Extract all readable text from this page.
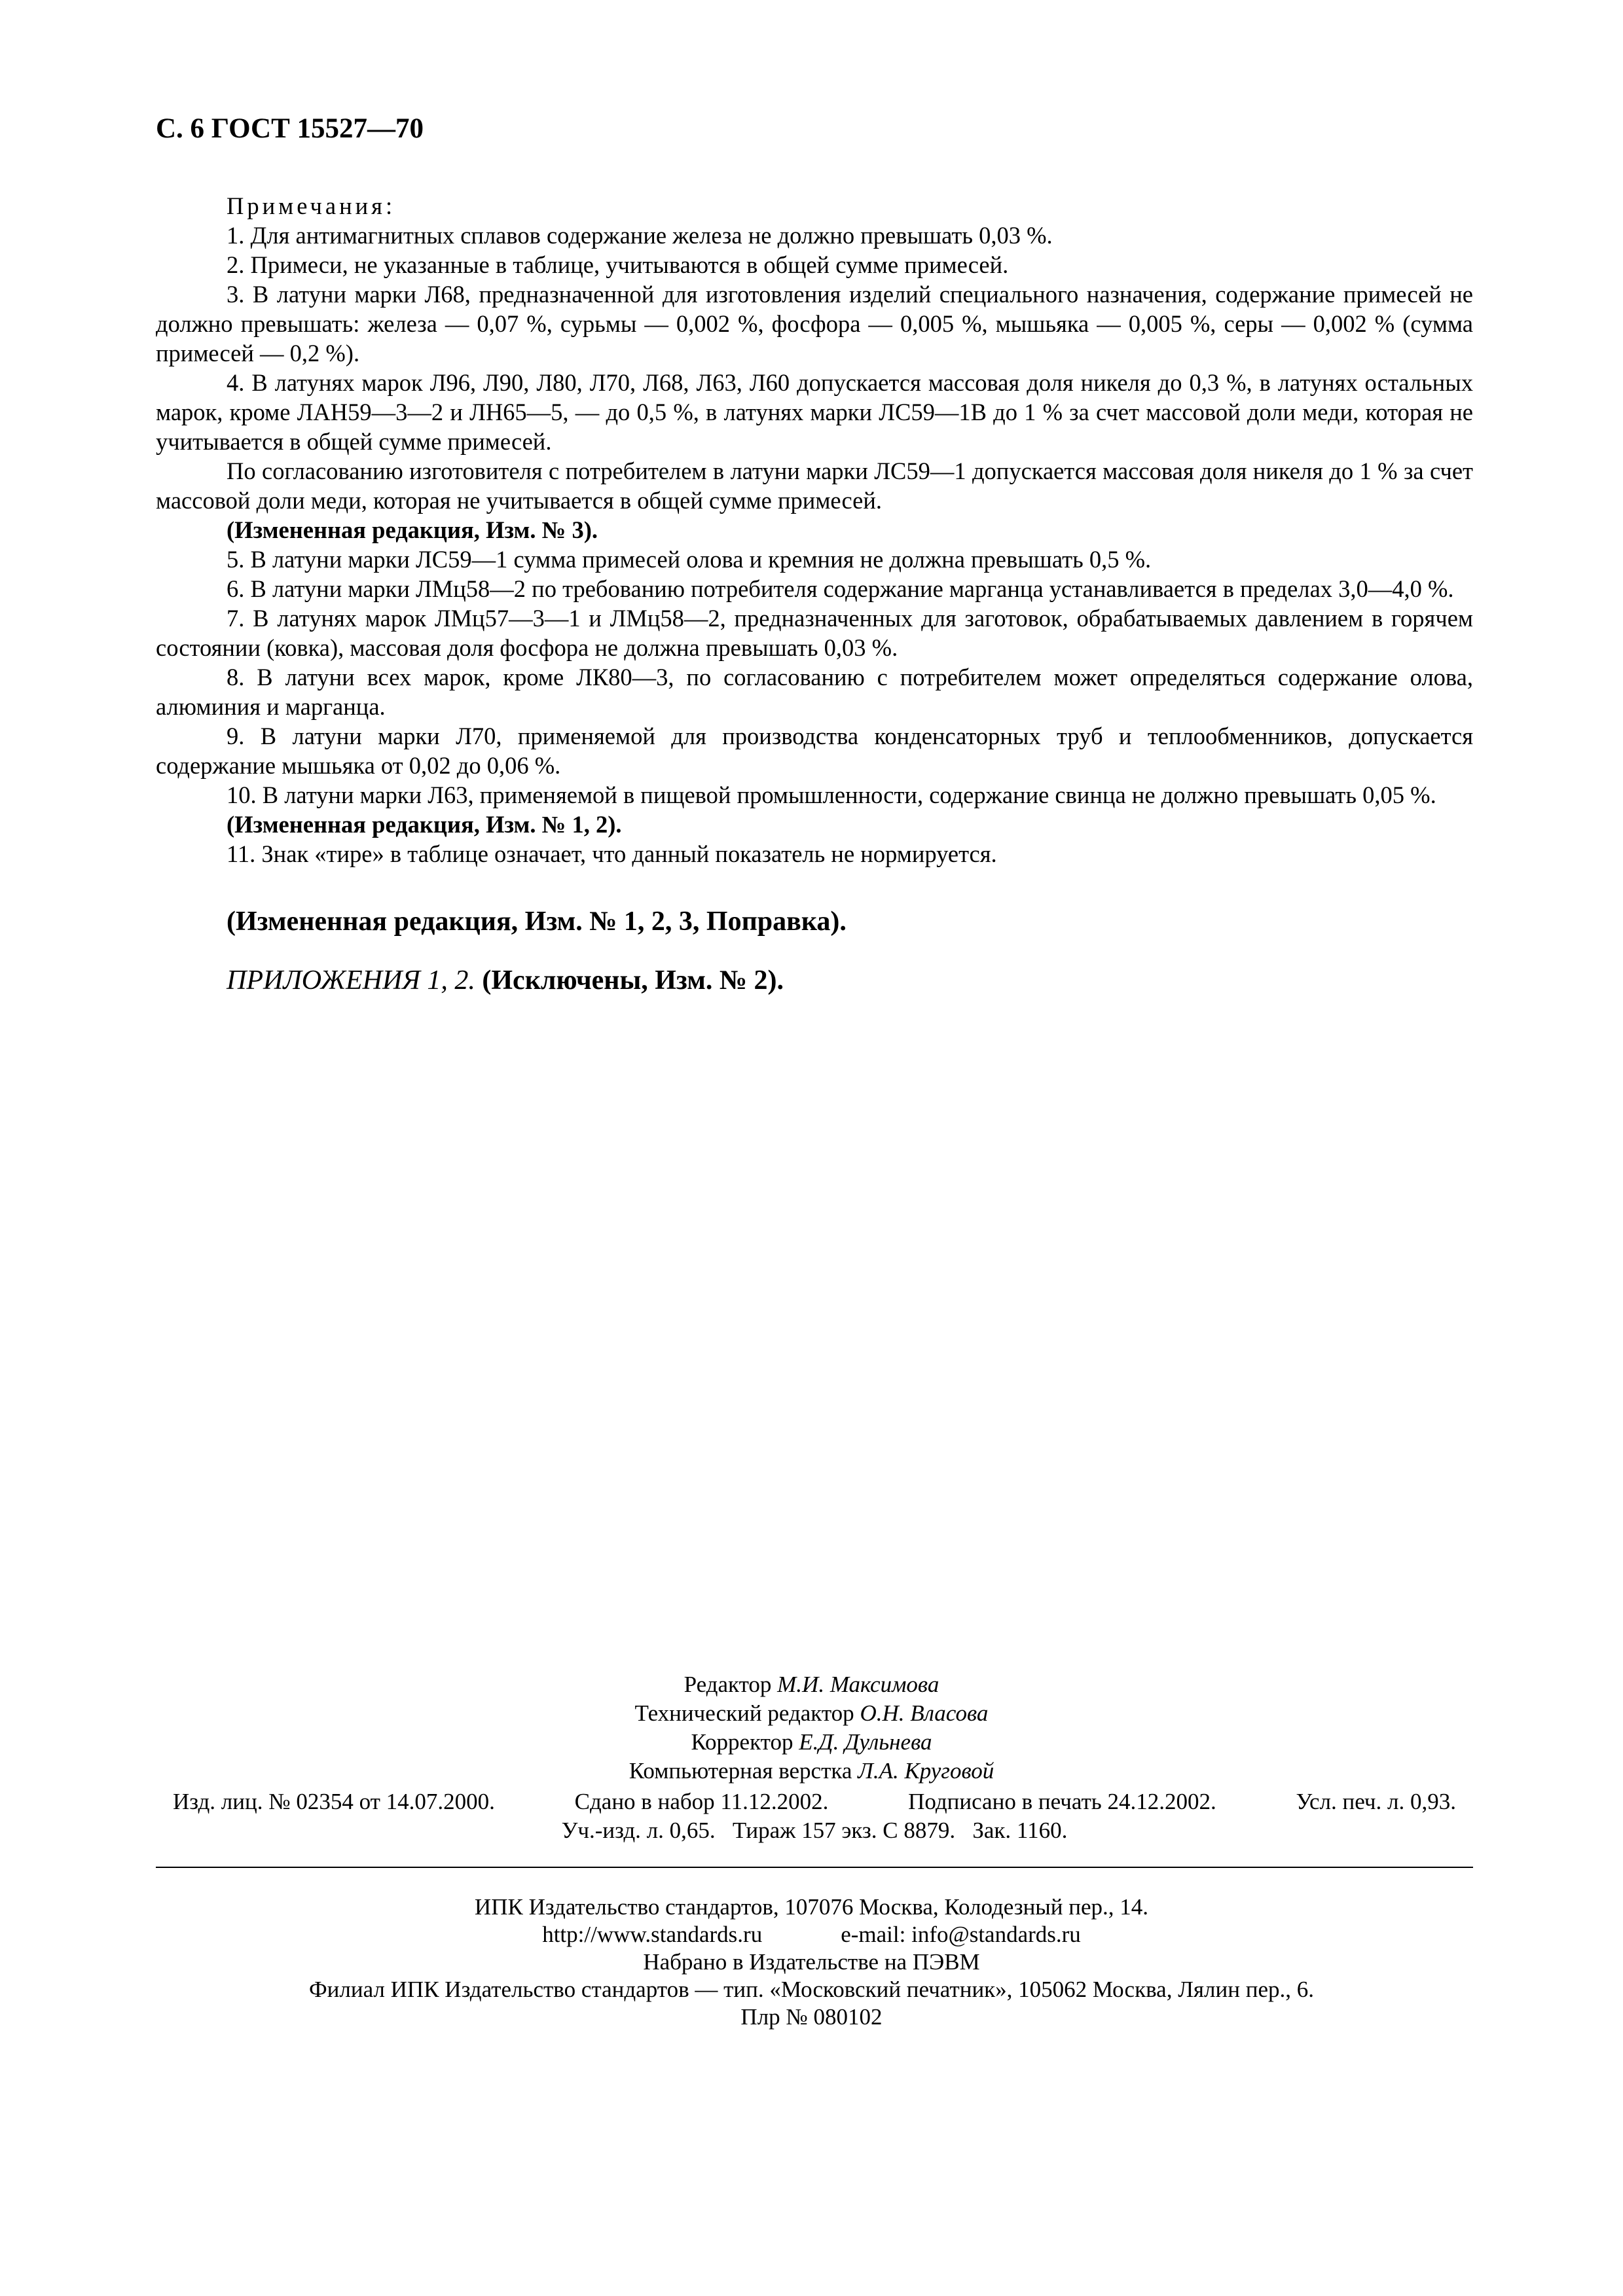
С. 6 ГОСТ 15527—70

Примечания:

1. Для антимагнитных сплавов содержание железа не должно превышать 0,03 %.

2. Примеси, не указанные в таблице, учитываются в общей сумме примесей.

3. В латуни марки Л68, предназначенной для изготовления изделий специального назначения, содержание примесей не должно превышать: железа — 0,07 %, сурьмы — 0,002 %, фосфора — 0,005 %, мышьяка — 0,005 %, серы — 0,002 % (сумма примесей — 0,2 %).

4. В латунях марок Л96, Л90, Л80, Л70, Л68, Л63, Л60 допускается массовая доля никеля до 0,3 %, в латунях остальных марок, кроме ЛАН59—3—2 и ЛН65—5, — до 0,5 %, в латунях марки ЛС59—1В до 1 % за счет массовой доли меди, которая не учитывается в общей сумме примесей.

По согласованию изготовителя с потребителем в латуни марки ЛС59—1 допускается массовая доля никеля до 1 % за счет массовой доли меди, которая не учитывается в общей сумме примесей.

(Измененная редакция, Изм. № 3).

5. В латуни марки ЛС59—1 сумма примесей олова и кремния не должна превышать 0,5 %.

6. В латуни марки ЛМц58—2 по требованию потребителя содержание марганца устанавливается в пределах 3,0—4,0 %.

7. В латунях марок ЛМц57—3—1 и ЛМц58—2, предназначенных для заготовок, обрабатываемых давлением в горячем состоянии (ковка), массовая доля фосфора не должна превышать 0,03 %.

8. В латуни всех марок, кроме ЛК80—3, по согласованию с потребителем может определяться содержание олова, алюминия и марганца.

9. В латуни марки Л70, применяемой для производства конденсаторных труб и теплообменников, допускается содержание мышьяка от 0,02 до 0,06 %.

10. В латуни марки Л63, применяемой в пищевой промышленности, содержание свинца не должно превышать 0,05 %.

(Измененная редакция, Изм. № 1, 2).

11. Знак «тире» в таблице означает, что данный показатель не нормируется.

(Измененная редакция, Изм. № 1, 2, 3, Поправка).

ПРИЛОЖЕНИЯ 1, 2. (Исключены, Изм. № 2).

Редактор М.И. Максимова
Технический редактор О.Н. Власова
Корректор Е.Д. Дульнева
Компьютерная верстка Л.А. Круговой
Изд. лиц. № 02354 от 14.07.2000.	Сдано в набор 11.12.2002.	Подписано в печать 24.12.2002.	Усл. печ. л. 0,93.
Уч.-изд. л. 0,65.   Тираж 157 экз. С 8879.   Зак. 1160.
ИПК Издательство стандартов, 107076 Москва, Колодезный пер., 14.
http://www.standards.ru	e-mail: info@standards.ru
Набрано в Издательстве на ПЭВМ
Филиал ИПК Издательство стандартов — тип. «Московский печатник», 105062 Москва, Лялин пер., 6.
Плр № 080102
